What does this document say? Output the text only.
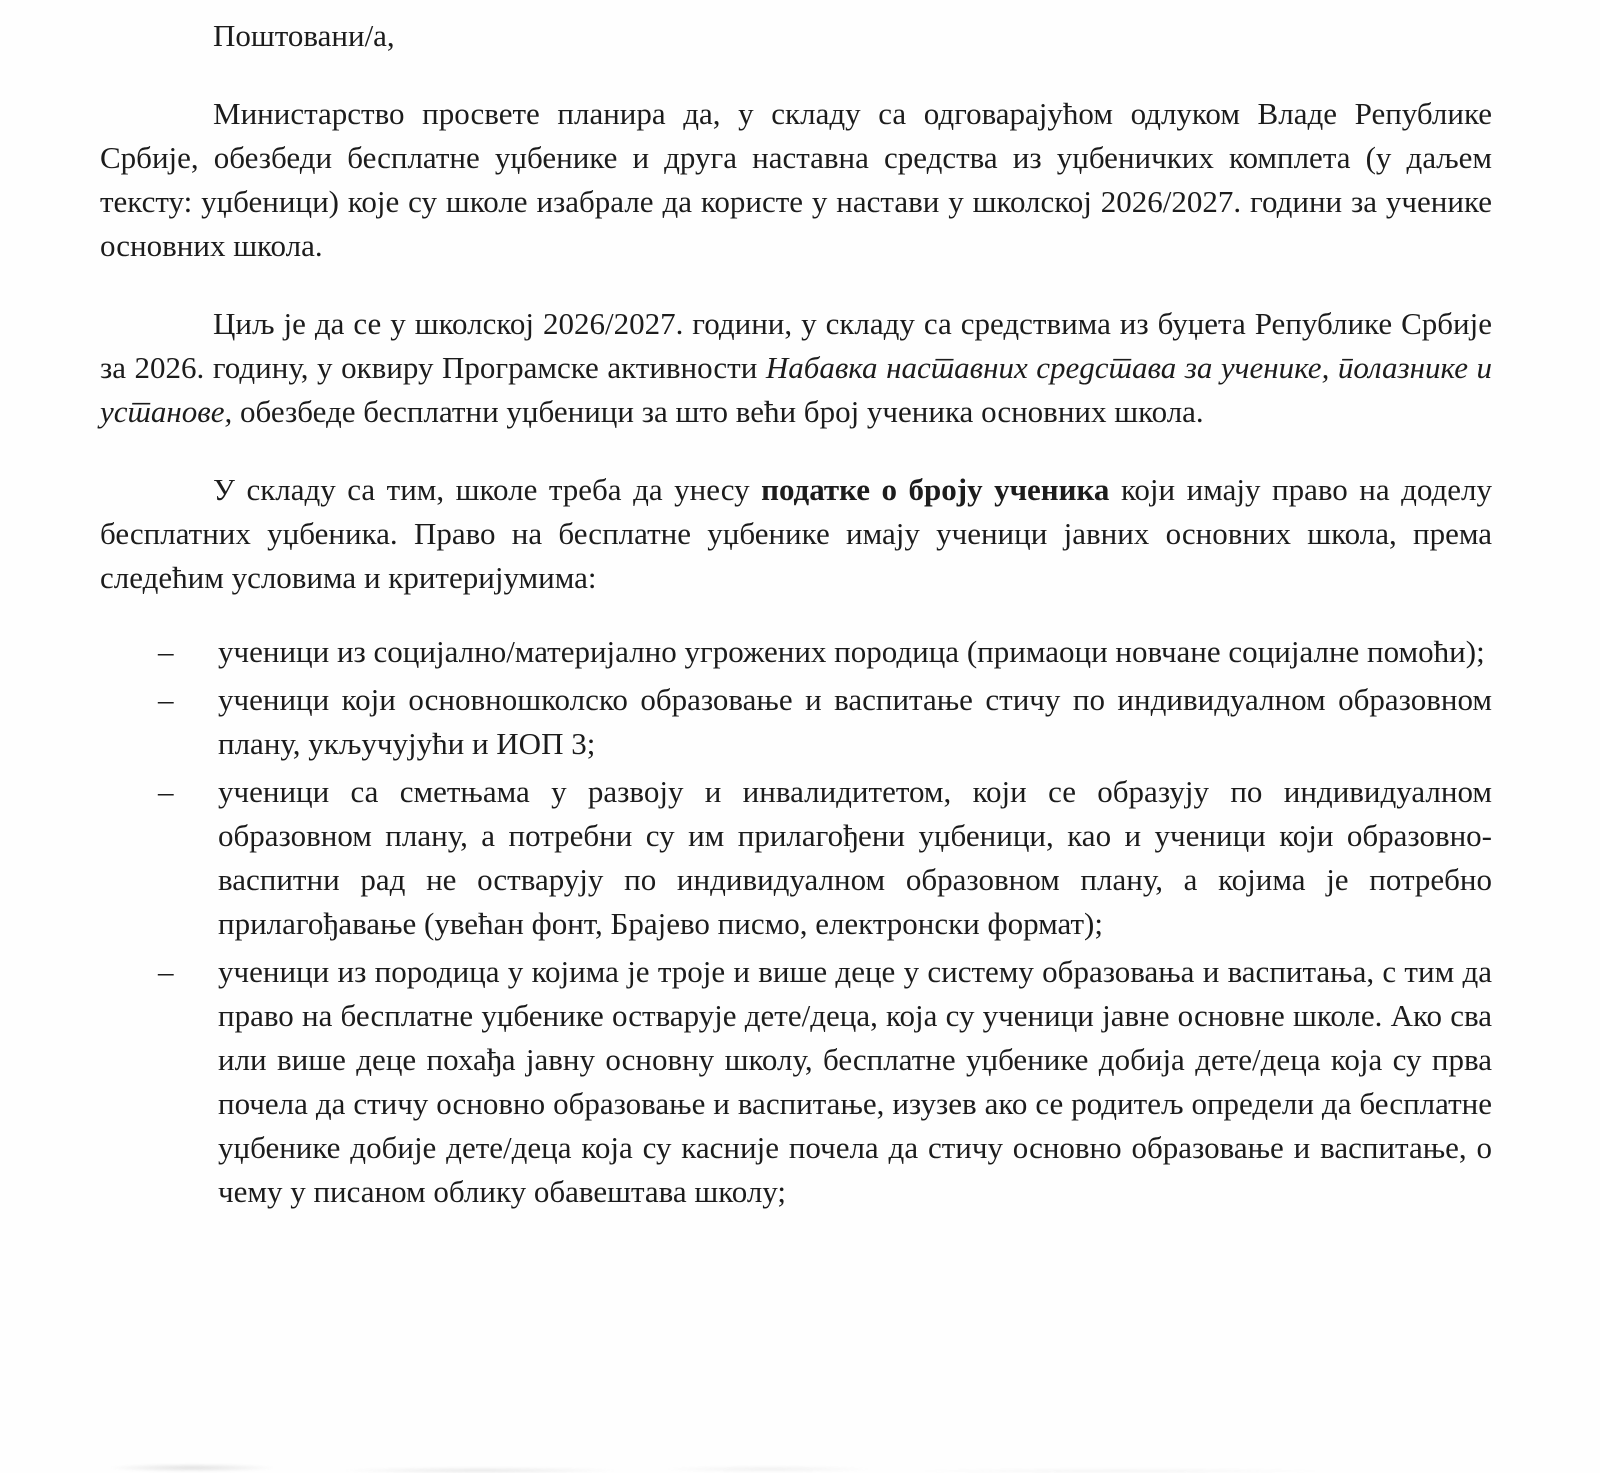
Поштовани/а,

Министарство просвете планира да, у складу са одговарајућом одлуком Владе Републике Србије, обезбеди бесплатне уџбенике и друга наставна средства из уџбеничких комплета (у даљем тексту: уџбеници) које су школе изабрале да користе у настави у школској 2026/2027. години за ученике основних школа.

Циљ је да се у школској 2026/2027. години, у складу са средствима из буџета Републике Србије за 2026. годину, у оквиру Програмске активности Набавка наставних средстава за ученике, полазнике и установе, обезбеде бесплатни уџбеници за што већи број ученика основних школа.

У складу са тим, школе треба да унесу податке о броју ученика који имају право на доделу бесплатних уџбеника. Право на бесплатне уџбенике имају ученици јавних основних школа, према следећим условима и критеријумима:

–	ученици из социјално/материјално угрожених породица (примаоци новчане социјалне помоћи);
–	ученици који основношколско образовање и васпитање стичу по индивидуалном образовном плану, укључујући и ИОП 3;
–	ученици са сметњама у развоју и инвалидитетом, који се образују по индивидуалном образовном плану, а потребни су им прилагођени уџбеници, као и ученици који образовно-васпитни рад не остварују по индивидуалном образовном плану, а којима је потребно прилагођавање (увећан фонт, Брајево писмо, електронски формат);
–	ученици из породица у којима је троје и више деце у систему образовања и васпитања, с тим да право на бесплатне уџбенике остварује дете/деца, која су ученици јавне основне школе. Ако сва или више деце похађа јавну основну школу, бесплатне уџбенике добија дете/деца која су прва почела да стичу основно образовање и васпитање, изузев ако се родитељ определи да бесплатне уџбенике добије дете/деца која су касније почела да стичу основно образовање и васпитање, о чему у писаном облику обавештава школу;
